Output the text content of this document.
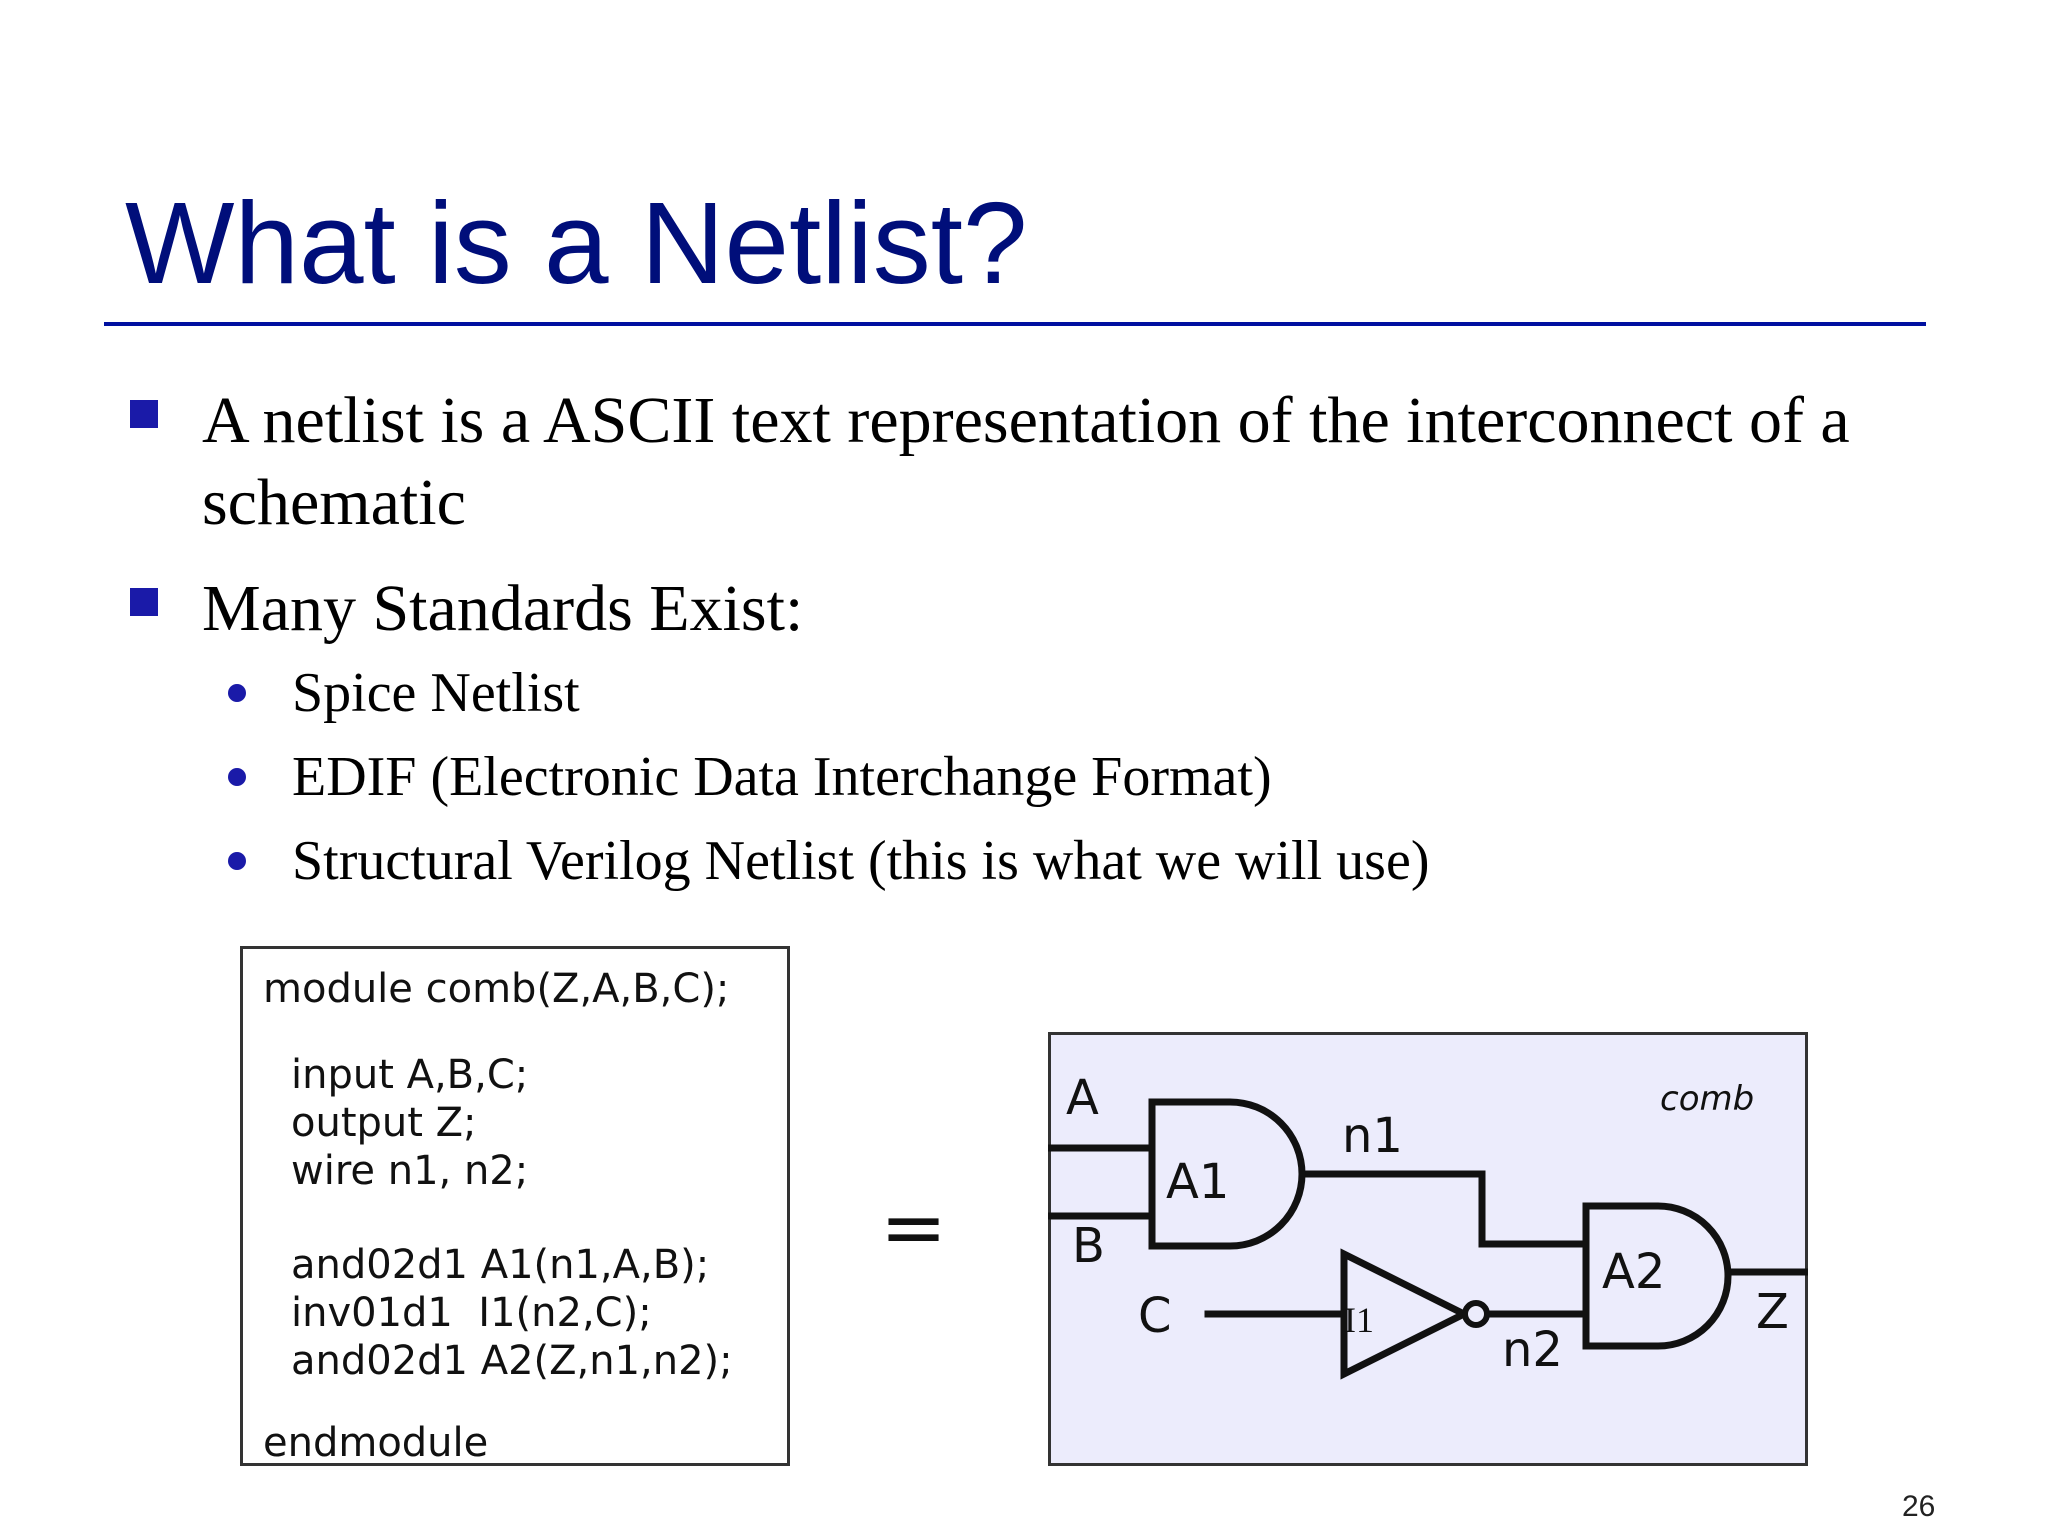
What is a Netlist?
A netlist is a ASCII text representation of the interconnect of a
schematic
Many Standards Exist:
Spice Netlist
EDIF (Electronic Data Interchange Format)
Structural Verilog Netlist (this is what we will use)
module comb(Z,A,B,C);
input A,B,C;
output Z;
wire n1, n2;
and02d1 A1(n1,A,B);
inv01d1  I1(n2,C);
and02d1 A2(Z,n1,n2);
endmodule
=
A
B
C
A1
I1
A2
n1
n2
Z
comb
26
